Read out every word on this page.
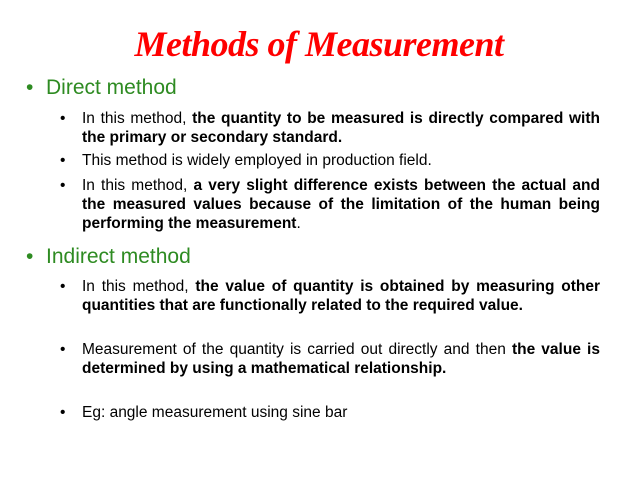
Methods of Measurement
• Direct method
•	In this method, the quantity to be measured is directly compared with the primary or secondary standard.
•	This method is widely employed in production field.
•	In this method, a very slight difference exists between the actual and the measured values because of the limitation of the human being performing the measurement.
• Indirect method
•	In this method, the value of quantity is obtained by measuring other quantities that are functionally related to the required value.
•	Measurement of the quantity is carried out directly and then the value is determined by using a mathematical relationship.
•	Eg: angle measurement using sine bar
